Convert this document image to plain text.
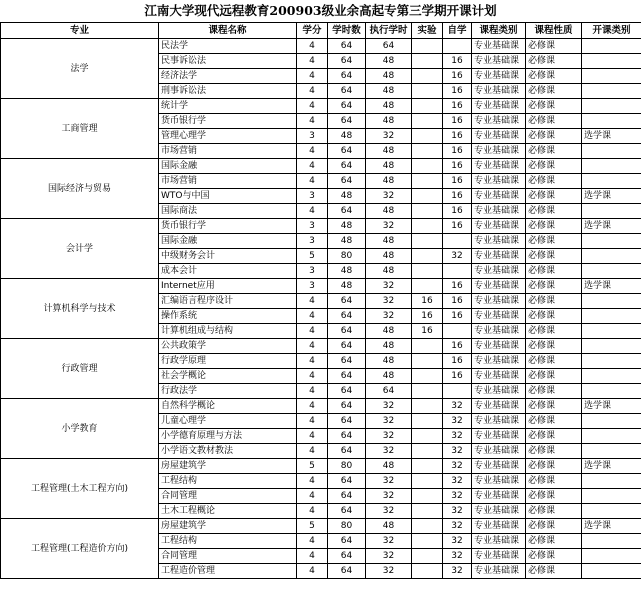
江南大学现代远程教育200903级业余高起专第三学期开课计划
专业	课程名称	学分	学时数	执行学时	实验	自学	课程类别	课程性质	开课类别
法学	民法学	4	64	64			专业基础课	必修课	
	民事诉讼法	4	64	48		16	专业基础课	必修课	
	经济法学	4	64	48		16	专业基础课	必修课	
	刑事诉讼法	4	64	48		16	专业基础课	必修课	
工商管理	统计学	4	64	48		16	专业基础课	必修课	
	货币银行学	4	64	48		16	专业基础课	必修课	
	管理心理学	3	48	32		16	专业基础课	必修课	选学课
	市场营销	4	64	48		16	专业基础课	必修课	
国际经济与贸易	国际金融	4	64	48		16	专业基础课	必修课	
	市场营销	4	64	48		16	专业基础课	必修课	
	WTO与中国	3	48	32		16	专业基础课	必修课	选学课
	国际商法	4	64	48		16	专业基础课	必修课	
会计学	货币银行学	3	48	32		16	专业基础课	必修课	选学课
	国际金融	3	48	48			专业基础课	必修课	
	中级财务会计	5	80	48		32	专业基础课	必修课	
	成本会计	3	48	48			专业基础课	必修课	
计算机科学与技术	Internet应用	3	48	32		16	专业基础课	必修课	选学课
	汇编语言程序设计	4	64	32	16	16	专业基础课	必修课	
	操作系统	4	64	32	16	16	专业基础课	必修课	
	计算机组成与结构	4	64	48	16		专业基础课	必修课	
行政管理	公共政策学	4	64	48		16	专业基础课	必修课	
	行政学原理	4	64	48		16	专业基础课	必修课	
	社会学概论	4	64	48		16	专业基础课	必修课	
	行政法学	4	64	64			专业基础课	必修课	
小学教育	自然科学概论	4	64	32		32	专业基础课	必修课	选学课
	儿童心理学	4	64	32		32	专业基础课	必修课	
	小学德育原理与方法	4	64	32		32	专业基础课	必修课	
	小学语文教材教法	4	64	32		32	专业基础课	必修课	
工程管理(土木工程方向)	房屋建筑学	5	80	48		32	专业基础课	必修课	选学课
	工程结构	4	64	32		32	专业基础课	必修课	
	合同管理	4	64	32		32	专业基础课	必修课	
	土木工程概论	4	64	32		32	专业基础课	必修课	
工程管理(工程造价方向)	房屋建筑学	5	80	48		32	专业基础课	必修课	选学课
	工程结构	4	64	32		32	专业基础课	必修课	
	合同管理	4	64	32		32	专业基础课	必修课	
	工程造价管理	4	64	32		32	专业基础课	必修课	
